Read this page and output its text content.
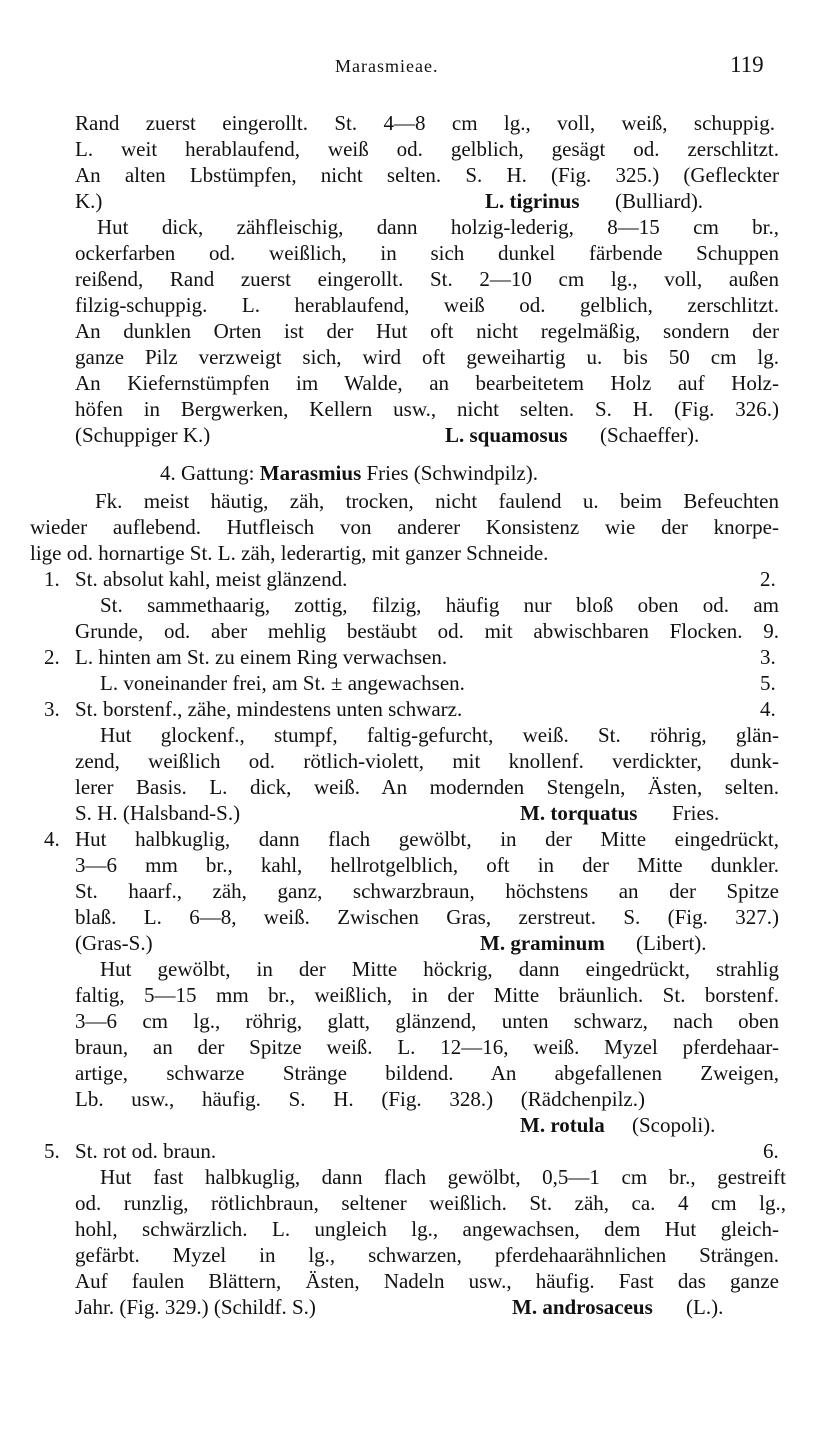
Marasmieae.	119
Rand zuerst eingerollt. St. 4—8 cm lg., voll, weiß, schuppig.
L. weit herablaufend, weiß od. gelblich, gesägt od. zerschlitzt.
An alten Lbstümpfen, nicht selten. S. H. (Fig. 325.) (Gefleckter
K.)	L. tigrinus	(Bulliard).
Hut dick, zähfleischig, dann holzig-lederig, 8—15 cm br.,
ockerfarben od. weißlich, in sich dunkel färbende Schuppen
reißend, Rand zuerst eingerollt. St. 2—10 cm lg., voll, außen
filzig-schuppig. L. herablaufend, weiß od. gelblich, zerschlitzt.
An dunklen Orten ist der Hut oft nicht regelmäßig, sondern der
ganze Pilz verzweigt sich, wird oft geweihartig u. bis 50 cm lg.
An Kiefernstümpfen im Walde, an bearbeitetem Holz auf Holz-
höfen in Bergwerken, Kellern usw., nicht selten. S. H. (Fig. 326.)
(Schuppiger K.)	L. squamosus	(Schaeffer).
4. Gattung: Marasmius Fries (Schwindpilz).
Fk. meist häutig, zäh, trocken, nicht faulend u. beim Befeuchten
wieder auflebend. Hutfleisch von anderer Konsistenz wie der knorpe-
lige od. hornartige St. L. zäh, lederartig, mit ganzer Schneide.
1. St. absolut kahl, meist glänzend.	2.
St. sammethaarig, zottig, filzig, häufig nur bloß oben od. am
Grunde, od. aber mehlig bestäubt od. mit abwischbaren Flocken. 9.
2. L. hinten am St. zu einem Ring verwachsen.	3.
L. voneinander frei, am St. ± angewachsen.	5.
3. St. borstenf., zähe, mindestens unten schwarz.	4.
Hut glockenf., stumpf, faltig-gefurcht, weiß. St. röhrig, glän-
zend, weißlich od. rötlich-violett, mit knollenf. verdickter, dunk-
lerer Basis. L. dick, weiß. An modernden Stengeln, Ästen, selten.
S. H. (Halsband-S.)	M. torquatus	Fries.
4. Hut halbkuglig, dann flach gewölbt, in der Mitte eingedrückt,
3—6 mm br., kahl, hellrotgelblich, oft in der Mitte dunkler.
St. haarf., zäh, ganz, schwarzbraun, höchstens an der Spitze
blaß. L. 6—8, weiß. Zwischen Gras, zerstreut. S. (Fig. 327.)
(Gras-S.)	M. graminum	(Libert).
Hut gewölbt, in der Mitte höckrig, dann eingedrückt, strahlig
faltig, 5—15 mm br., weißlich, in der Mitte bräunlich. St. borstenf.
3—6 cm lg., röhrig, glatt, glänzend, unten schwarz, nach oben
braun, an der Spitze weiß. L. 12—16, weiß. Myzel pferdehaar-
artige, schwarze Stränge bildend. An abgefallenen Zweigen,
Lb. usw., häufig. S. H. (Fig. 328.) (Rädchenpilz.)
M. rotula	(Scopoli).
5. St. rot od. braun.	6.
Hut fast halbkuglig, dann flach gewölbt, 0,5—1 cm br., gestreift
od. runzlig, rötlichbraun, seltener weißlich. St. zäh, ca. 4 cm lg.,
hohl, schwärzlich. L. ungleich lg., angewachsen, dem Hut gleich-
gefärbt. Myzel in lg., schwarzen, pferdehaarähnlichen Strängen.
Auf faulen Blättern, Ästen, Nadeln usw., häufig. Fast das ganze
Jahr. (Fig. 329.) (Schildf. S.)	M. androsaceus	(L.).
